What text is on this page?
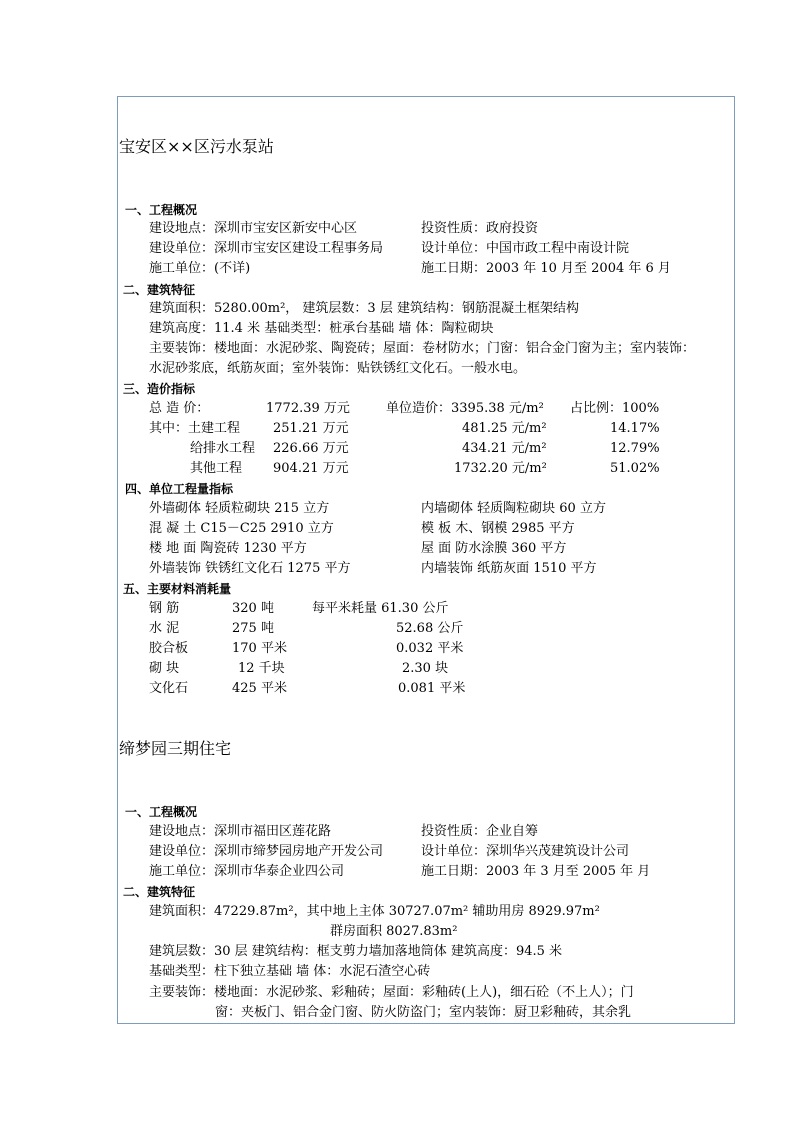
宝安区××区污水泵站
一、工程概况
建设地点：深圳市宝安区新安中心区	投资性质：政府投资
建设单位：深圳市宝安区建设工程事务局	设计单位：中国市政工程中南设计院
施工单位：(不详)	施工日期：2003 年 10 月至 2004 年 6 月
二、建筑特征
建筑面积：5280.00m²， 建筑层数：3 层 建筑结构：钢筋混凝土框架结构
建筑高度：11.4 米 基础类型：桩承台基础 墙 体：陶粒砌块
主要装饰：楼地面：水泥砂浆、陶瓷砖；屋面：卷材防水；门窗：铝合金门窗为主；室内装饰：
水泥砂浆底，纸筋灰面；室外装饰：贴铁锈红文化石。一般水电。
三、造价指标
总 造 价：	1772.39 万元	单位造价：3395.38 元/m² 占比例：100%
其中：土建工程	251.21 万元	481.25 元/m²	14.17%
给排水工程 226.66 万元	434.21 元/m²	12.79%
其他工程 904.21 万元	1732.20 元/m²	51.02%
四、单位工程量指标
外墙砌体 轻质粒砌块 215 立方	内墙砌体 轻质陶粒砌块 60 立方
混 凝 土 C15－C25 2910 立方	模 板 木、钢模 2985 平方
楼 地 面 陶瓷砖 1230 平方	屋 面 防水涂膜 360 平方
外墙装饰 铁锈红文化石 1275 平方	内墙装饰 纸筋灰面 1510 平方
五、主要材料消耗量
钢 筋	320 吨	每平米耗量 61.30 公斤
水 泥	275 吨	52.68 公斤
胶合板	170 平米	0.032 平米
砌 块	12 千块	2.30 块
文化石	425 平米	0.081 平米
缔梦园三期住宅
一、工程概况
建设地点：深圳市福田区莲花路	投资性质：企业自筹
建设单位：深圳市缔梦园房地产开发公司	设计单位：深圳华兴茂建筑设计公司
施工单位：深圳市华泰企业四公司	施工日期：2003 年 3 月至 2005 年 月
二、建筑特征
建筑面积：47229.87m²，其中地上主体 30727.07m² 辅助用房 8929.97m²
群房面积 8027.83m²
建筑层数：30 层 建筑结构：框支剪力墙加落地筒体 建筑高度：94.5 米
基础类型：柱下独立基础 墙 体：水泥石渣空心砖
主要装饰：楼地面：水泥砂浆、彩釉砖；屋面：彩釉砖(上人)，细石砼（不上人）；门
窗：夹板门、铝合金门窗、防火防盗门；室内装饰：厨卫彩釉砖，其余乳
